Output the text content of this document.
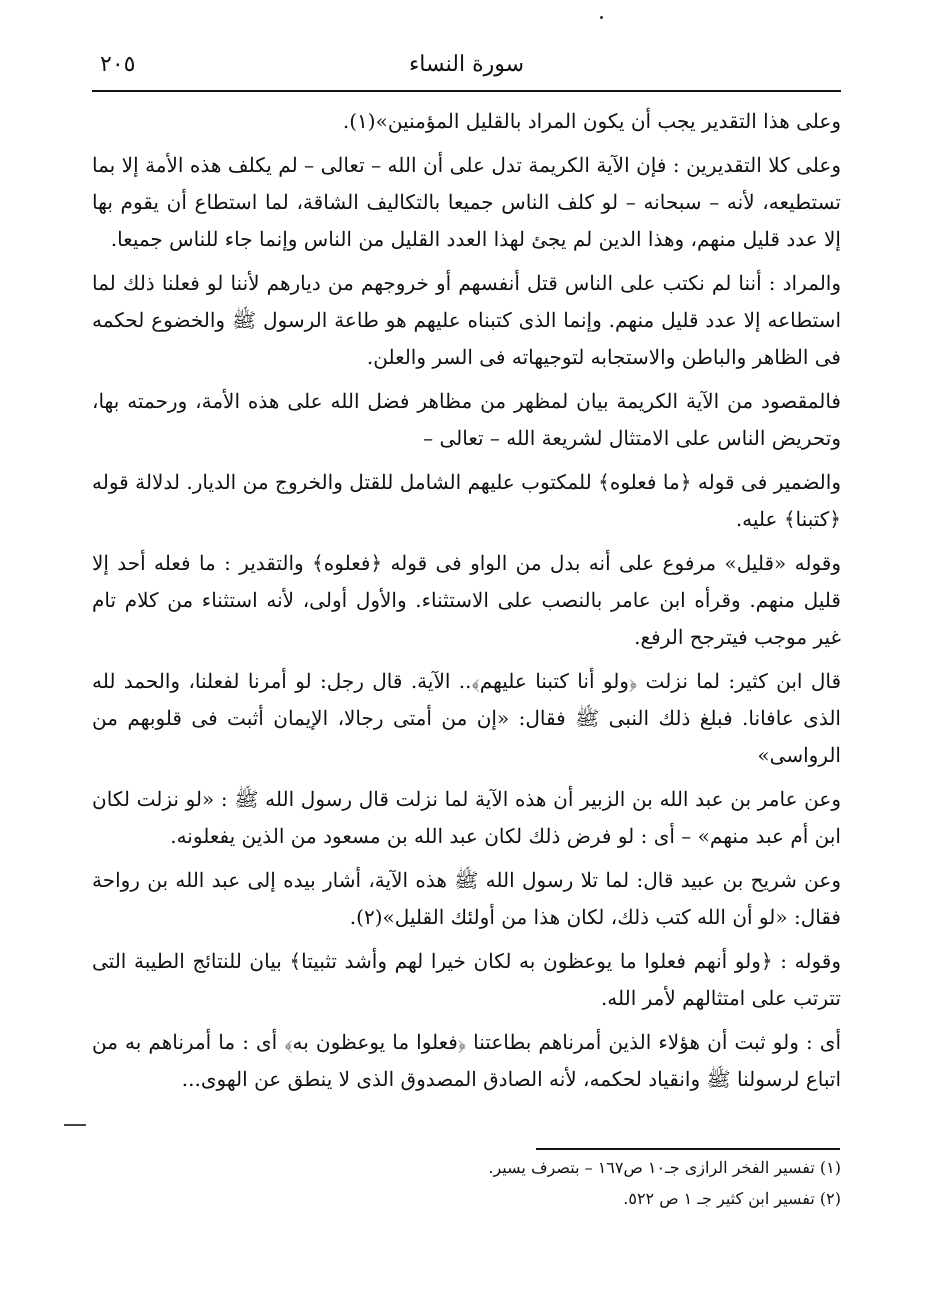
٢٠٥	سورة النساء

وعلى هذا التقدير يجب أن يكون المراد بالقليل المؤمنين»(١).

وعلى كلا التقديرين : فإن الآية الكريمة تدل على أن الله – تعالى – لم يكلف هذه الأمة إلا بما تستطيعه، لأنه – سبحانه – لو كلف الناس جميعا بالتكاليف الشاقة، لما استطاع أن يقوم بها إلا عدد قليل منهم، وهذا الدين لم يجئ لهذا العدد القليل من الناس وإنما جاء للناس جميعا.

والمراد : أننا لم نكتب على الناس قتل أنفسهم أو خروجهم من ديارهم لأننا لو فعلنا ذلك لما استطاعه إلا عدد قليل منهم. وإنما الذى كتبناه عليهم هو طاعة الرسول ﷺ والخضوع لحكمه فى الظاهر والباطن والاستجابه لتوجيهاته فى السر والعلن.

فالمقصود من الآية الكريمة بيان لمظهر من مظاهر فضل الله على هذه الأمة، ورحمته بها، وتحريض الناس على الامتثال لشريعة الله – تعالى –

والضمير فى قوله ﴿ما فعلوه﴾ للمكتوب عليهم الشامل للقتل والخروج من الديار. لدلالة قوله ﴿كتبنا﴾ عليه.

وقوله «قليل» مرفوع على أنه بدل من الواو فى قوله ﴿فعلوه﴾ والتقدير : ما فعله أحد إلا قليل منهم. وقرأه ابن عامر بالنصب على الاستثناء. والأول أولى، لأنه استثناء من كلام تام غير موجب فيترجح الرفع.

قال ابن كثير: لما نزلت ﴿ولو أنا كتبنا عليهم﴾.. الآية. قال رجل: لو أمرنا لفعلنا، والحمد لله الذى عافانا. فبلغ ذلك النبى ﷺ فقال: «إن من أمتى رجالا، الإيمان أثبت فى قلوبهم من الرواسى»

وعن عامر بن عبد الله بن الزبير أن هذه الآية لما نزلت قال رسول الله ﷺ : «لو نزلت لكان ابن أم عبد منهم» – أى : لو فرض ذلك لكان عبد الله بن مسعود من الذين يفعلونه.

وعن شريح بن عبيد قال: لما تلا رسول الله ﷺ هذه الآية، أشار بيده إلى عبد الله بن رواحة فقال: «لو أن الله كتب ذلك، لكان هذا من أولئك القليل»(٢).

وقوله : ﴿ولو أنهم فعلوا ما يوعظون به لكان خيرا لهم وأشد تثبيتا﴾ بيان للنتائج الطيبة التى تترتب على امتثالهم لأمر الله.

أى : ولو ثبت أن هؤلاء الذين أمرناهم بطاعتنا ﴿فعلوا ما يوعظون به﴾ أى : ما أمرناهم به من اتباع لرسولنا ﷺ وانقياد لحكمه، لأنه الصادق المصدوق الذى لا ينطق عن الهوى...

(١) تفسير الفخر الرازى جـ١٠ ص١٦٧ – بتصرف يسير.
(٢) تفسير ابن كثير جـ ١ ص ٥٢٢.
